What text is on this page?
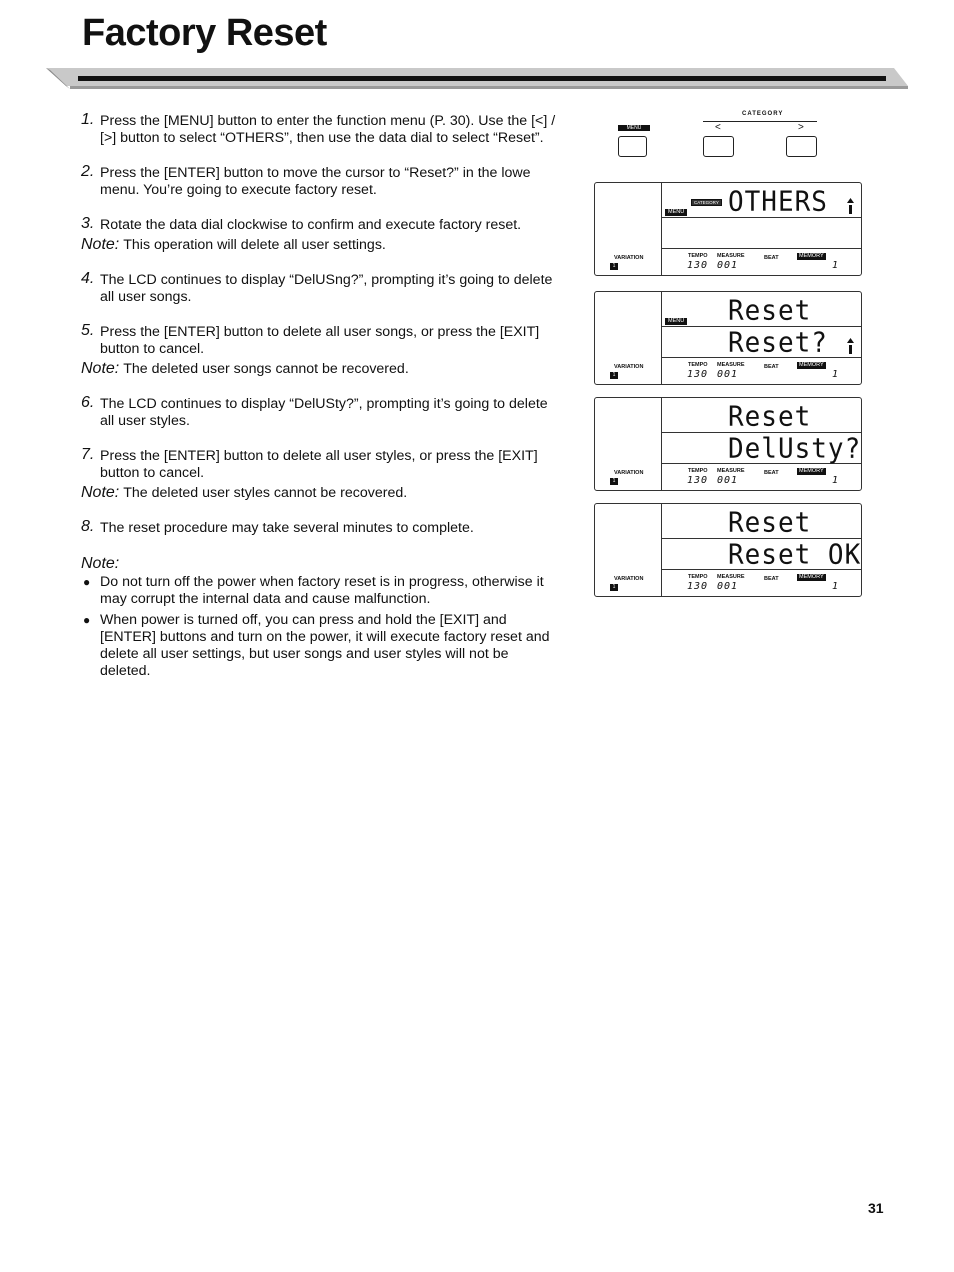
Factory Reset
1. Press the [MENU] button to enter the function menu (P. 30). Use the [<] / [>] button to select “OTHERS”, then use the data dial to select “Reset”.
2. Press the [ENTER] button to move the cursor to “Reset?” in the lowe menu. You’re going to execute factory reset.
3. Rotate the data dial clockwise to confirm and execute factory reset.
Note: This operation will delete all user settings.
4. The LCD continues to display “DelUSng?”, prompting it’s going to delete all user songs.
5. Press the [ENTER] button to delete all user songs, or press the [EXIT] button to cancel.
Note: The deleted user songs cannot be recovered.
6. The LCD continues to display “DelUSty?”, prompting it’s going to delete all user styles.
7. Press the [ENTER] button to delete all user styles, or press the [EXIT] button to cancel.
Note: The deleted user styles cannot be recovered.
8. The reset procedure may take several minutes to complete.
Note:
● Do not turn off the power when factory reset is in progress, otherwise it may corrupt the internal data and cause malfunction.
● When power is turned off, you can press and hold the [EXIT] and [ENTER] buttons and turn on the power, it will execute factory reset and delete all user settings, but user songs and user styles will not be deleted.
MENU
CATEGORY
<	>
CATEGORY
MENU OTHERS
VARIATION
1
TEMPO MEASURE	BEAT	MEMORY
130 001	1
MENU Reset
Reset?
VARIATION
1
TEMPO MEASURE	BEAT	MEMORY
130 001	1
Reset
DelUsty?
VARIATION
1
TEMPO MEASURE	BEAT	MEMORY
130 001	1
Reset
Reset OK
VARIATION
1
TEMPO MEASURE	BEAT	MEMORY
130 001	1
31
